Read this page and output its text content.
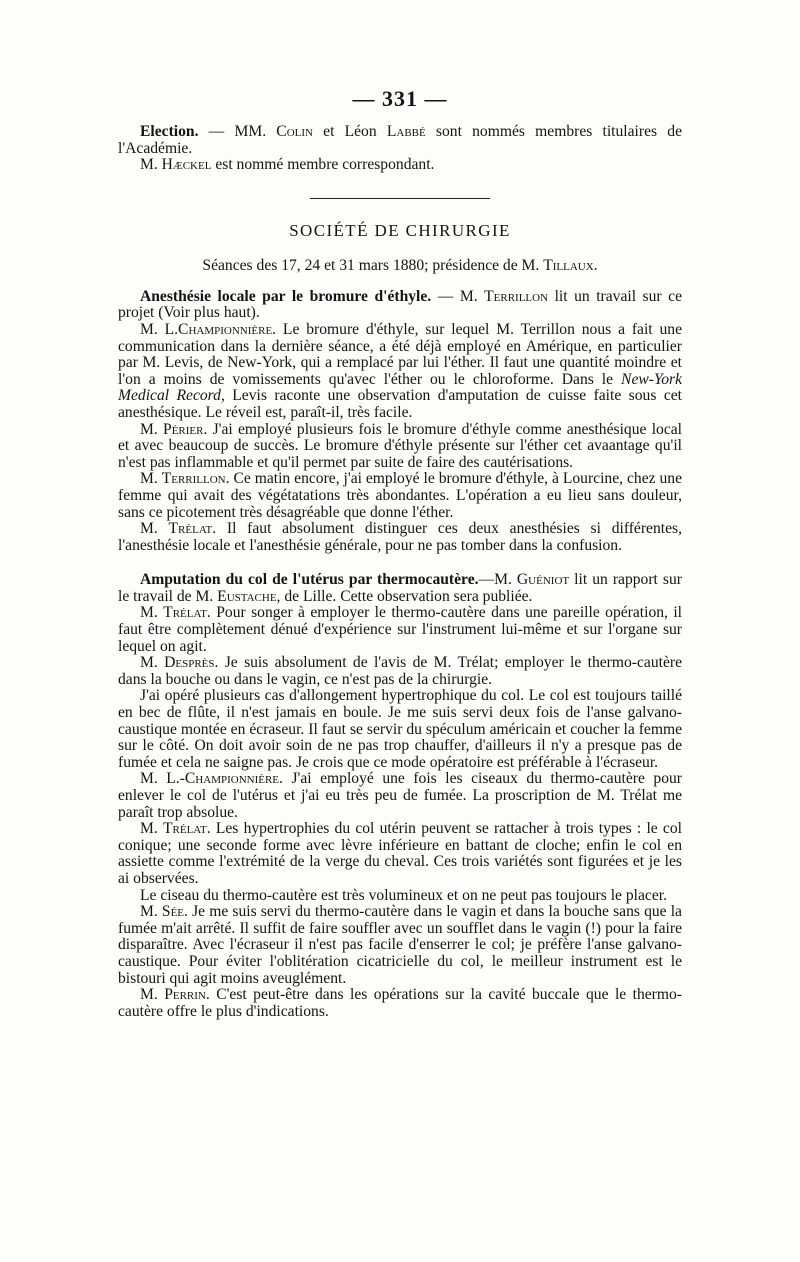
— 331 —

Election. — MM. Colin et Léon Labbé sont nommés membres titulaires de l'Académie.

M. Hæckel est nommé membre correspondant.

SOCIÉTÉ DE CHIRURGIE
Séances des 17, 24 et 31 mars 1880; présidence de M. Tillaux.

Anesthésie locale par le bromure d'éthyle. — M. Terrillon lit un travail sur ce projet (Voir plus haut).

M. L.Championnière. Le bromure d'éthyle, sur lequel M. Terrillon nous a fait une communication dans la dernière séance, a été déjà employé en Amérique, en particulier par M. Levis, de New-York, qui a remplacé par lui l'éther. Il faut une quantité moindre et l'on a moins de vomissements qu'avec l'éther ou le chloroforme. Dans le New-York Medical Record, Levis raconte une observation d'amputation de cuisse faite sous cet anesthésique. Le réveil est, paraît-il, très facile.

M. Périer. J'ai employé plusieurs fois le bromure d'éthyle comme anesthésique local et avec beaucoup de succès. Le bromure d'éthyle présente sur l'éther cet avaantage qu'il n'est pas inflammable et qu'il permet par suite de faire des cautérisations.

M. Terrillon. Ce matin encore, j'ai employé le bromure d'éthyle, à Lourcine, chez une femme qui avait des végétatations très abondantes. L'opération a eu lieu sans douleur, sans ce picotement très désagréable que donne l'éther.

M. Trélat. Il faut absolument distinguer ces deux anesthésies si différentes, l'anesthésie locale et l'anesthésie générale, pour ne pas tomber dans la confusion.

Amputation du col de l'utérus par thermocautère.—M. Guéniot lit un rapport sur le travail de M. Eustache, de Lille. Cette observation sera publiée.

M. Trélat. Pour songer à employer le thermo-cautère dans une pareille opération, il faut être complètement dénué d'expérience sur l'instrument lui-même et sur l'organe sur lequel on agit.

M. Desprès. Je suis absolument de l'avis de M. Trélat; employer le thermo-cautère dans la bouche ou dans le vagin, ce n'est pas de la chirurgie.

J'ai opéré plusieurs cas d'allongement hypertrophique du col. Le col est toujours taillé en bec de flûte, il n'est jamais en boule. Je me suis servi deux fois de l'anse galvano-caustique montée en écraseur. Il faut se servir du spéculum américain et coucher la femme sur le côté. On doit avoir soin de ne pas trop chauffer, d'ailleurs il n'y a presque pas de fumée et cela ne saigne pas. Je crois que ce mode opératoire est préférable à l'écraseur.

M. L.-Championnière. J'ai employé une fois les ciseaux du thermo-cautère pour enlever le col de l'utérus et j'ai eu très peu de fumée. La proscription de M. Trélat me paraît trop absolue.

M. Trélat. Les hypertrophies du col utérin peuvent se rattacher à trois types : le col conique; une seconde forme avec lèvre inférieure en battant de cloche; enfin le col en assiette comme l'extrémité de la verge du cheval. Ces trois variétés sont figurées et je les ai observées.

Le ciseau du thermo-cautère est très volumineux et on ne peut pas toujours le placer.

M. Sée. Je me suis servi du thermo-cautère dans le vagin et dans la bouche sans que la fumée m'ait arrêté. Il suffit de faire souffler avec un soufflet dans le vagin (!) pour la faire disparaître. Avec l'écraseur il n'est pas facile d'enserrer le col; je préfère l'anse galvano-caustique. Pour éviter l'oblitération cicatricielle du col, le meilleur instrument est le bistouri qui agit moins aveuglément.

M. Perrin. C'est peut-être dans les opérations sur la cavité buccale que le thermo-cautère offre le plus d'indications.
